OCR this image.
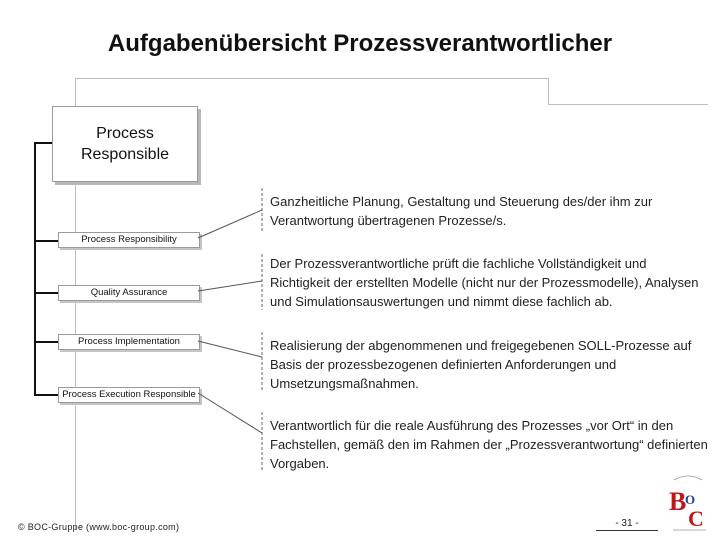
Aufgabenübersicht Prozessverantwortlicher
Process
Responsible
Process Responsibility
Quality Assurance
Process Implementation
Process Execution Responsible
Ganzheitliche Planung, Gestaltung und Steuerung des/der ihm zur Verantwortung übertragenen Prozesse/s.
Der Prozessverantwortliche prüft die fachliche Vollständigkeit und Richtigkeit der erstellten Modelle (nicht nur der Prozessmodelle), Analysen und Simulationsauswertungen und nimmt diese fachlich ab.
Realisierung der abgenommenen und freigegebenen SOLL-Prozesse auf Basis der prozessbezogenen definierten Anforderungen und Umsetzungsmaßnahmen.
Verantwortlich für die reale Ausführung des Prozesses „vor Ort“ in den Fachstellen, gemäß den im Rahmen der „Prozessverantwortung“ definierten Vorgaben.
© BOC-Gruppe (www.boc-group.com)	- 31 -
B
O
C
